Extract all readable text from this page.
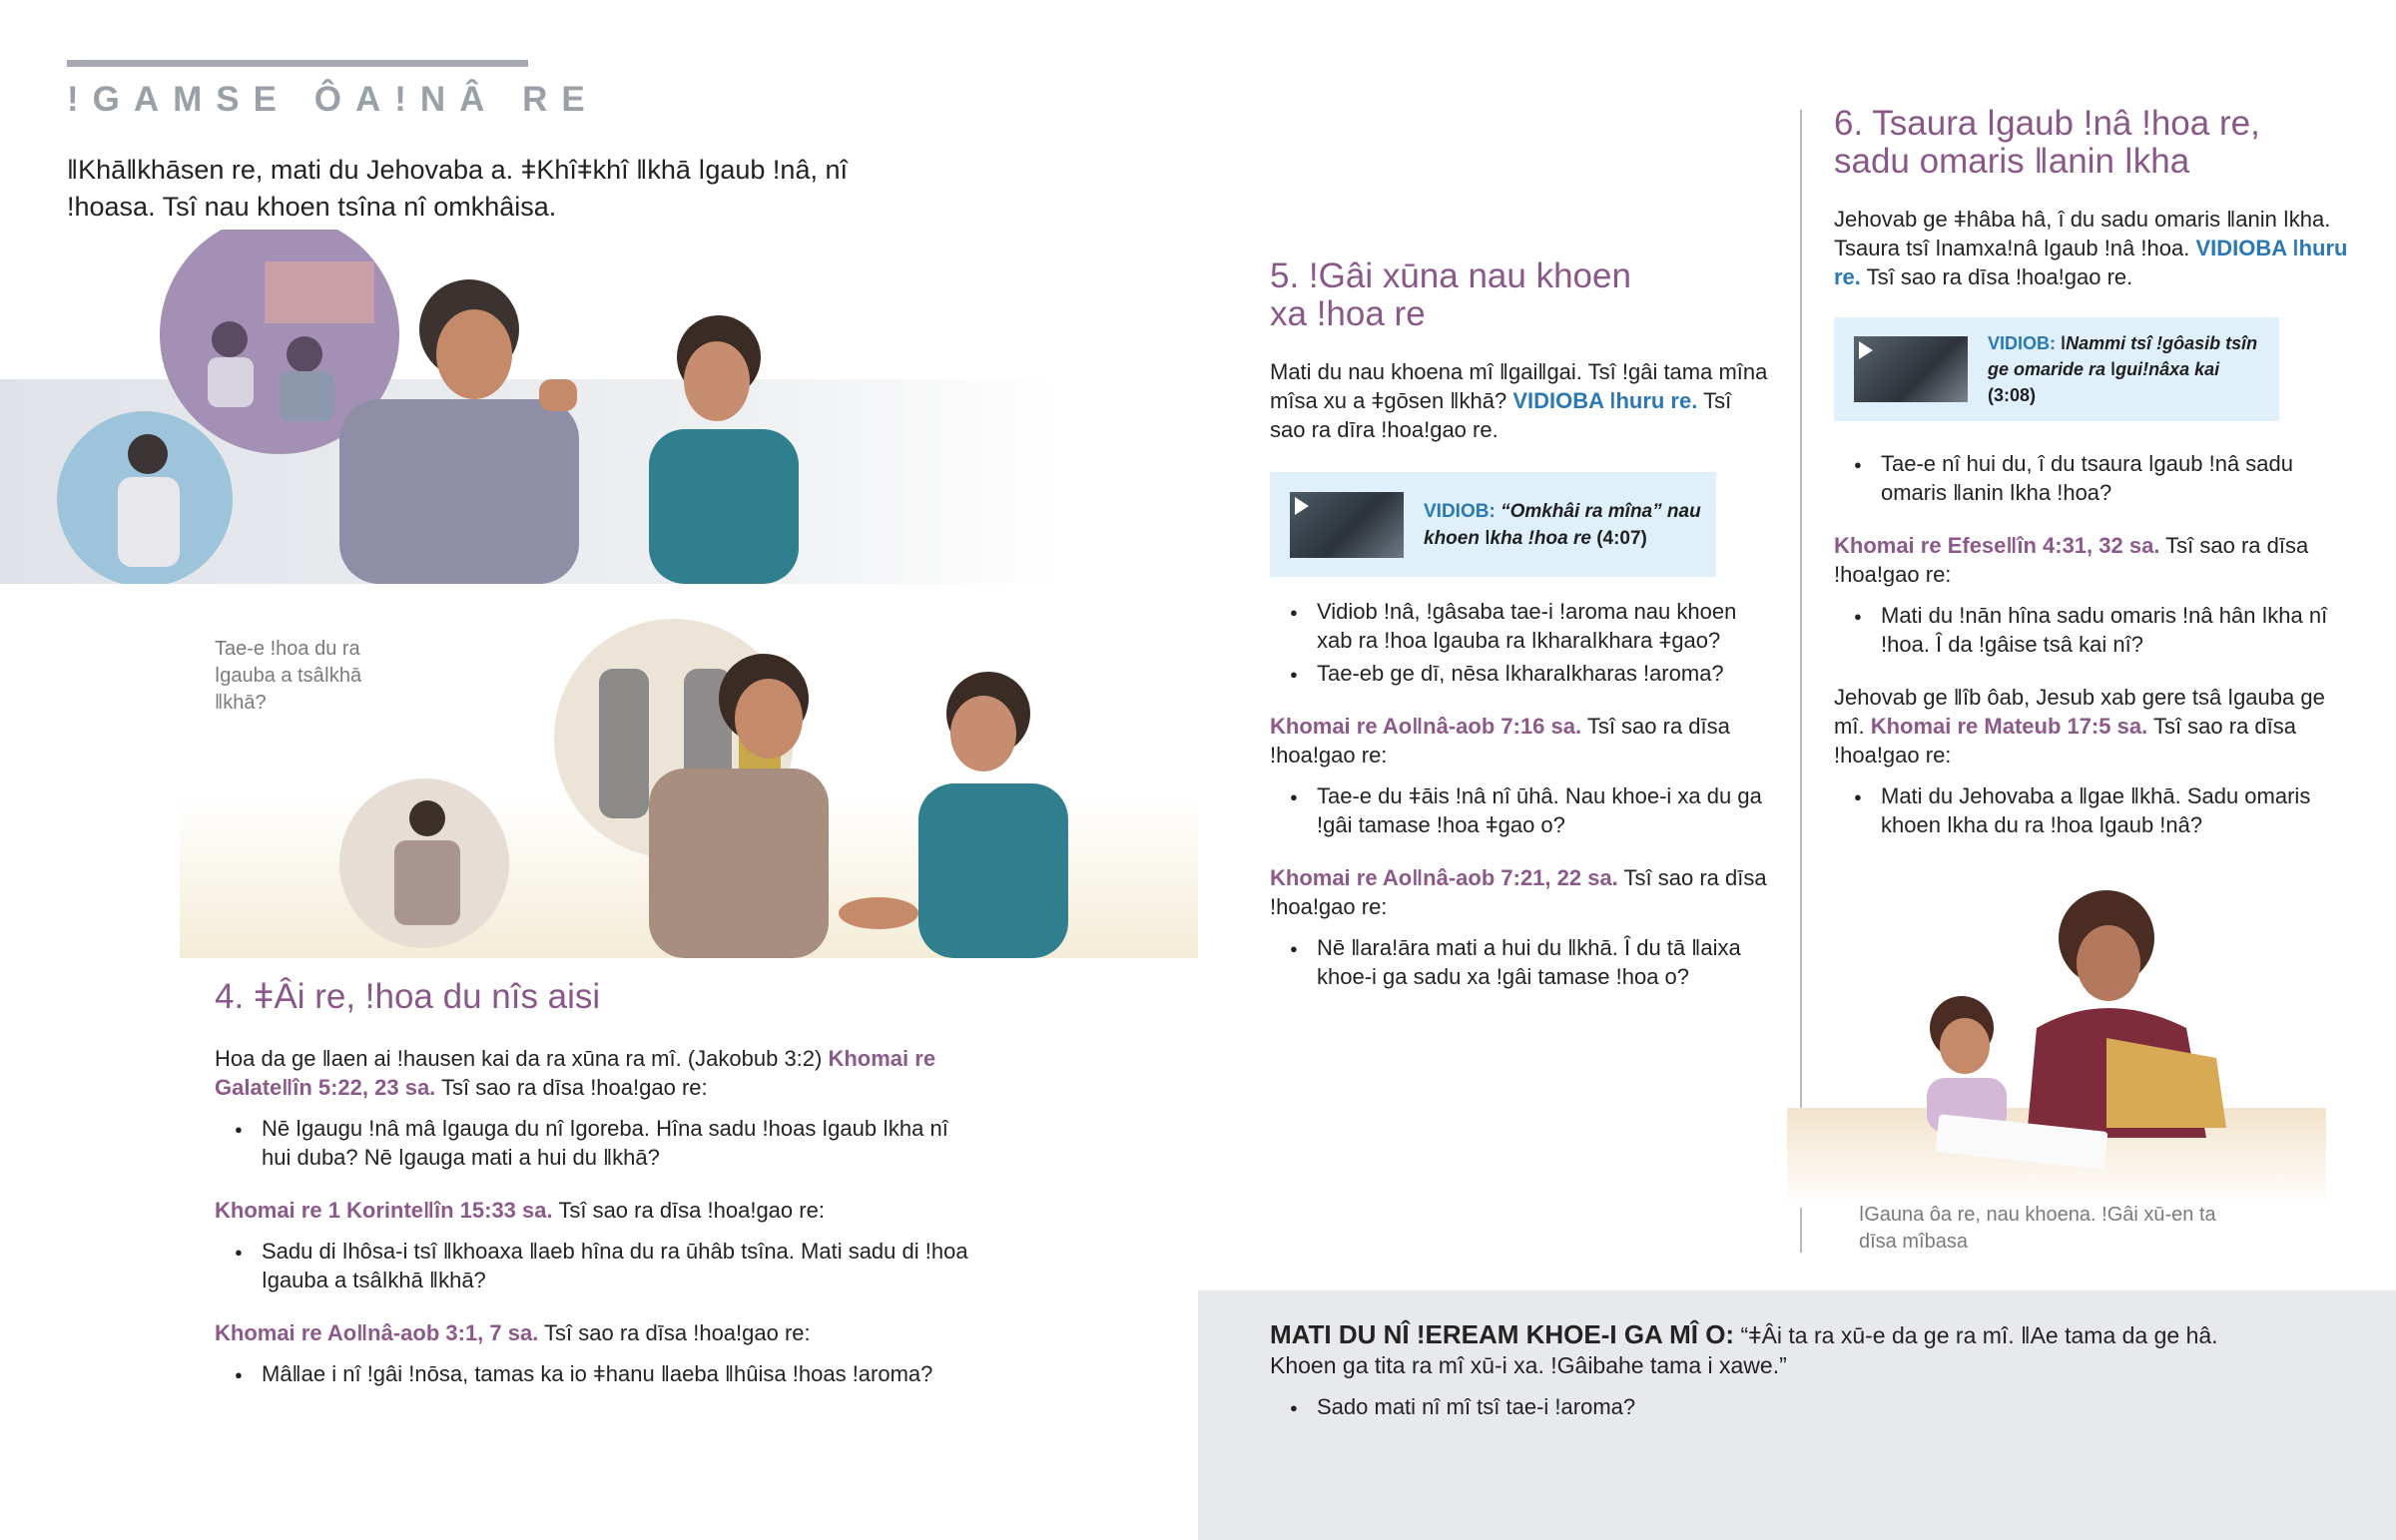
ǃGAMSE ÔAǃNÂ RE
ǁKhāǁkhāsen re, mati du Jehovaba a. ǂKhîǂkhî ǁkhā ǀgaub ǃnâ, nî ǃhoasa. Tsî nau khoen tsîna nî omkhâisa.
Tae-e ǃhoa du ra ǀgauba a tsâǀkhā ǁkhā?
4. ǂÂi re, ǃhoa du nîs aisi

Hoa da ge ǁaen ai ǃhausen kai da ra xūna ra mî. (Jakobub 3:2) Khomai re Galateǁîn 5:22, 23 sa. Tsî sao ra dīsa ǃhoaǃgao re:

● Nē ǀgaugu ǃnâ mâ ǀgauga du nî ǀgoreba. Hîna sadu ǃhoas ǀgaub ǀkha nî hui duba? Nē ǀgauga mati a hui du ǁkhā?

Khomai re 1 Korinteǁîn 15:33 sa. Tsî sao ra dīsa ǃhoaǃgao re:

● Sadu di ǀhôsa-i tsî ǁkhoaxa ǁaeb hîna du ra ūhâb tsîna. Mati sadu di ǃhoa ǀgauba a tsâǀkhā ǁkhā?

Khomai re Aoǁnâ-aob 3:1, 7 sa. Tsî sao ra dīsa ǃhoaǃgao re:

● Mâǁae i nî ǃgâi ǃnōsa, tamas ka io ǂhanu ǁaeba ǁhûisa ǃhoas ǃaroma?
5. ǃGâi xūna nau khoen
xa ǃhoa re

Mati du nau khoena mî ǁgaiǁgai. Tsî ǃgâi tama mîna mîsa xu a ǂgōsen ǁkhā? VIDIOBA ǀhuru re. Tsî sao ra dīra ǃhoaǃgao re.

VIDIOB: “Omkhâi ra mîna” nau khoen ǀkha ǃhoa re (4:07)
● Vidiob ǃnâ, ǃgâsaba tae-i ǃaroma nau khoen xab ra ǃhoa ǀgauba ra ǀkharaǀkhara ǂgao?
● Tae-eb ge dī, nēsa ǀkharaǀkharas ǃaroma?

Khomai re Aoǁnâ-aob 7:16 sa. Tsî sao ra dīsa ǃhoaǃgao re:

● Tae-e du ǂāis ǃnâ nî ūhâ. Nau khoe-i xa du ga ǃgâi tamase ǃhoa ǂgao o?

Khomai re Aoǁnâ-aob 7:21, 22 sa. Tsî sao ra dīsa ǃhoaǃgao re:

● Nē ǁaraǃāra mati a hui du ǁkhā. Î du tā ǁaixa khoe-i ga sadu xa ǃgâi tamase ǃhoa o?
6. Tsaura ǀgaub ǃnâ ǃhoa re,
sadu omaris ǁanin ǀkha

Jehovab ge ǂhâba hâ, î du sadu omaris ǁanin ǀkha. Tsaura tsî ǀnamxaǃnâ ǀgaub ǃnâ ǃhoa. VIDIOBA ǀhuru re. Tsî sao ra dīsa ǃhoaǃgao re.

VIDIOB: ǀNammi tsî ǃgôasib tsîn ge omaride ra ǀguiǃnâxa kai (3:08)
● Tae-e nî hui du, î du tsaura ǀgaub ǃnâ sadu omaris ǁanin ǀkha ǃhoa?

Khomai re Efeseǁîn 4:31, 32 sa. Tsî sao ra dīsa ǃhoaǃgao re:

● Mati du ǃnān hîna sadu omaris ǃnâ hân ǀkha nî ǃhoa. Î da ǃgâise tsâ kai nî?

Jehovab ge ǁîb ôab, Jesub xab gere tsâ ǀgauba ge mî. Khomai re Mateub 17:5 sa. Tsî sao ra dīsa ǃhoaǃgao re:

● Mati du Jehovaba a ǁgae ǁkhā. Sadu omaris khoen ǀkha du ra ǃhoa ǀgaub ǃnâ?
ǀGauna ôa re, nau khoena. ǃGâi xū-en ta dīsa mîbasa

MATI DU NÎ ǃEREAM KHOE-I GA MÎ O: “ǂÂi ta ra xū-e da ge ra mî. ǁAe tama da ge hâ. Khoen ga tita ra mî xū-i xa. ǃGâibahe tama i xawe.”

● Sado mati nî mî tsî tae-i ǃaroma?
